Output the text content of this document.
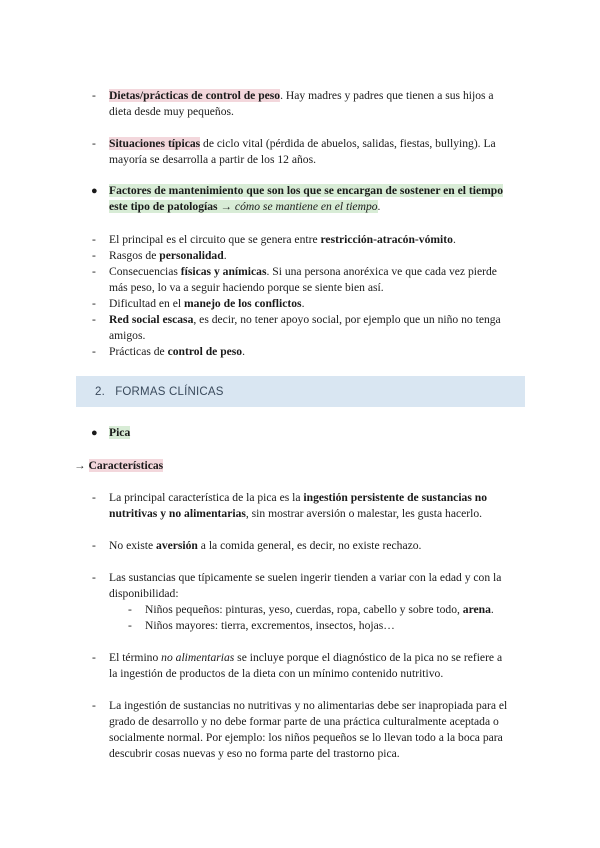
- Dietas/prácticas de control de peso. Hay madres y padres que tienen a sus hijos a
dieta desde muy pequeños.
- Situaciones típicas de ciclo vital (pérdida de abuelos, salidas, fiestas, bullying). La
mayoría se desarrolla a partir de los 12 años.
● Factores de mantenimiento que son los que se encargan de sostener en el tiempo
este tipo de patologías → cómo se mantiene en el tiempo.
- El principal es el circuito que se genera entre restricción-atracón-vómito.
- Rasgos de personalidad.
- Consecuencias físicas y anímicas. Si una persona anoréxica ve que cada vez pierde
más peso, lo va a seguir haciendo porque se siente bien así.
- Dificultad en el manejo de los conflictos.
- Red social escasa, es decir, no tener apoyo social, por ejemplo que un niño no tenga
amigos.
- Prácticas de control de peso.
2. FORMAS CLÍNICAS
● Pica
→ Características
- La principal característica de la pica es la ingestión persistente de sustancias no
nutritivas y no alimentarias, sin mostrar aversión o malestar, les gusta hacerlo.
- No existe aversión a la comida general, es decir, no existe rechazo.
- Las sustancias que típicamente se suelen ingerir tienden a variar con la edad y con la
disponibilidad:
- Niños pequeños: pinturas, yeso, cuerdas, ropa, cabello y sobre todo, arena.
- Niños mayores: tierra, excrementos, insectos, hojas…
- El término no alimentarias se incluye porque el diagnóstico de la pica no se refiere a
la ingestión de productos de la dieta con un mínimo contenido nutritivo.
- La ingestión de sustancias no nutritivas y no alimentarias debe ser inapropiada para el
grado de desarrollo y no debe formar parte de una práctica culturalmente aceptada o
socialmente normal. Por ejemplo: los niños pequeños se lo llevan todo a la boca para
descubrir cosas nuevas y eso no forma parte del trastorno pica.
